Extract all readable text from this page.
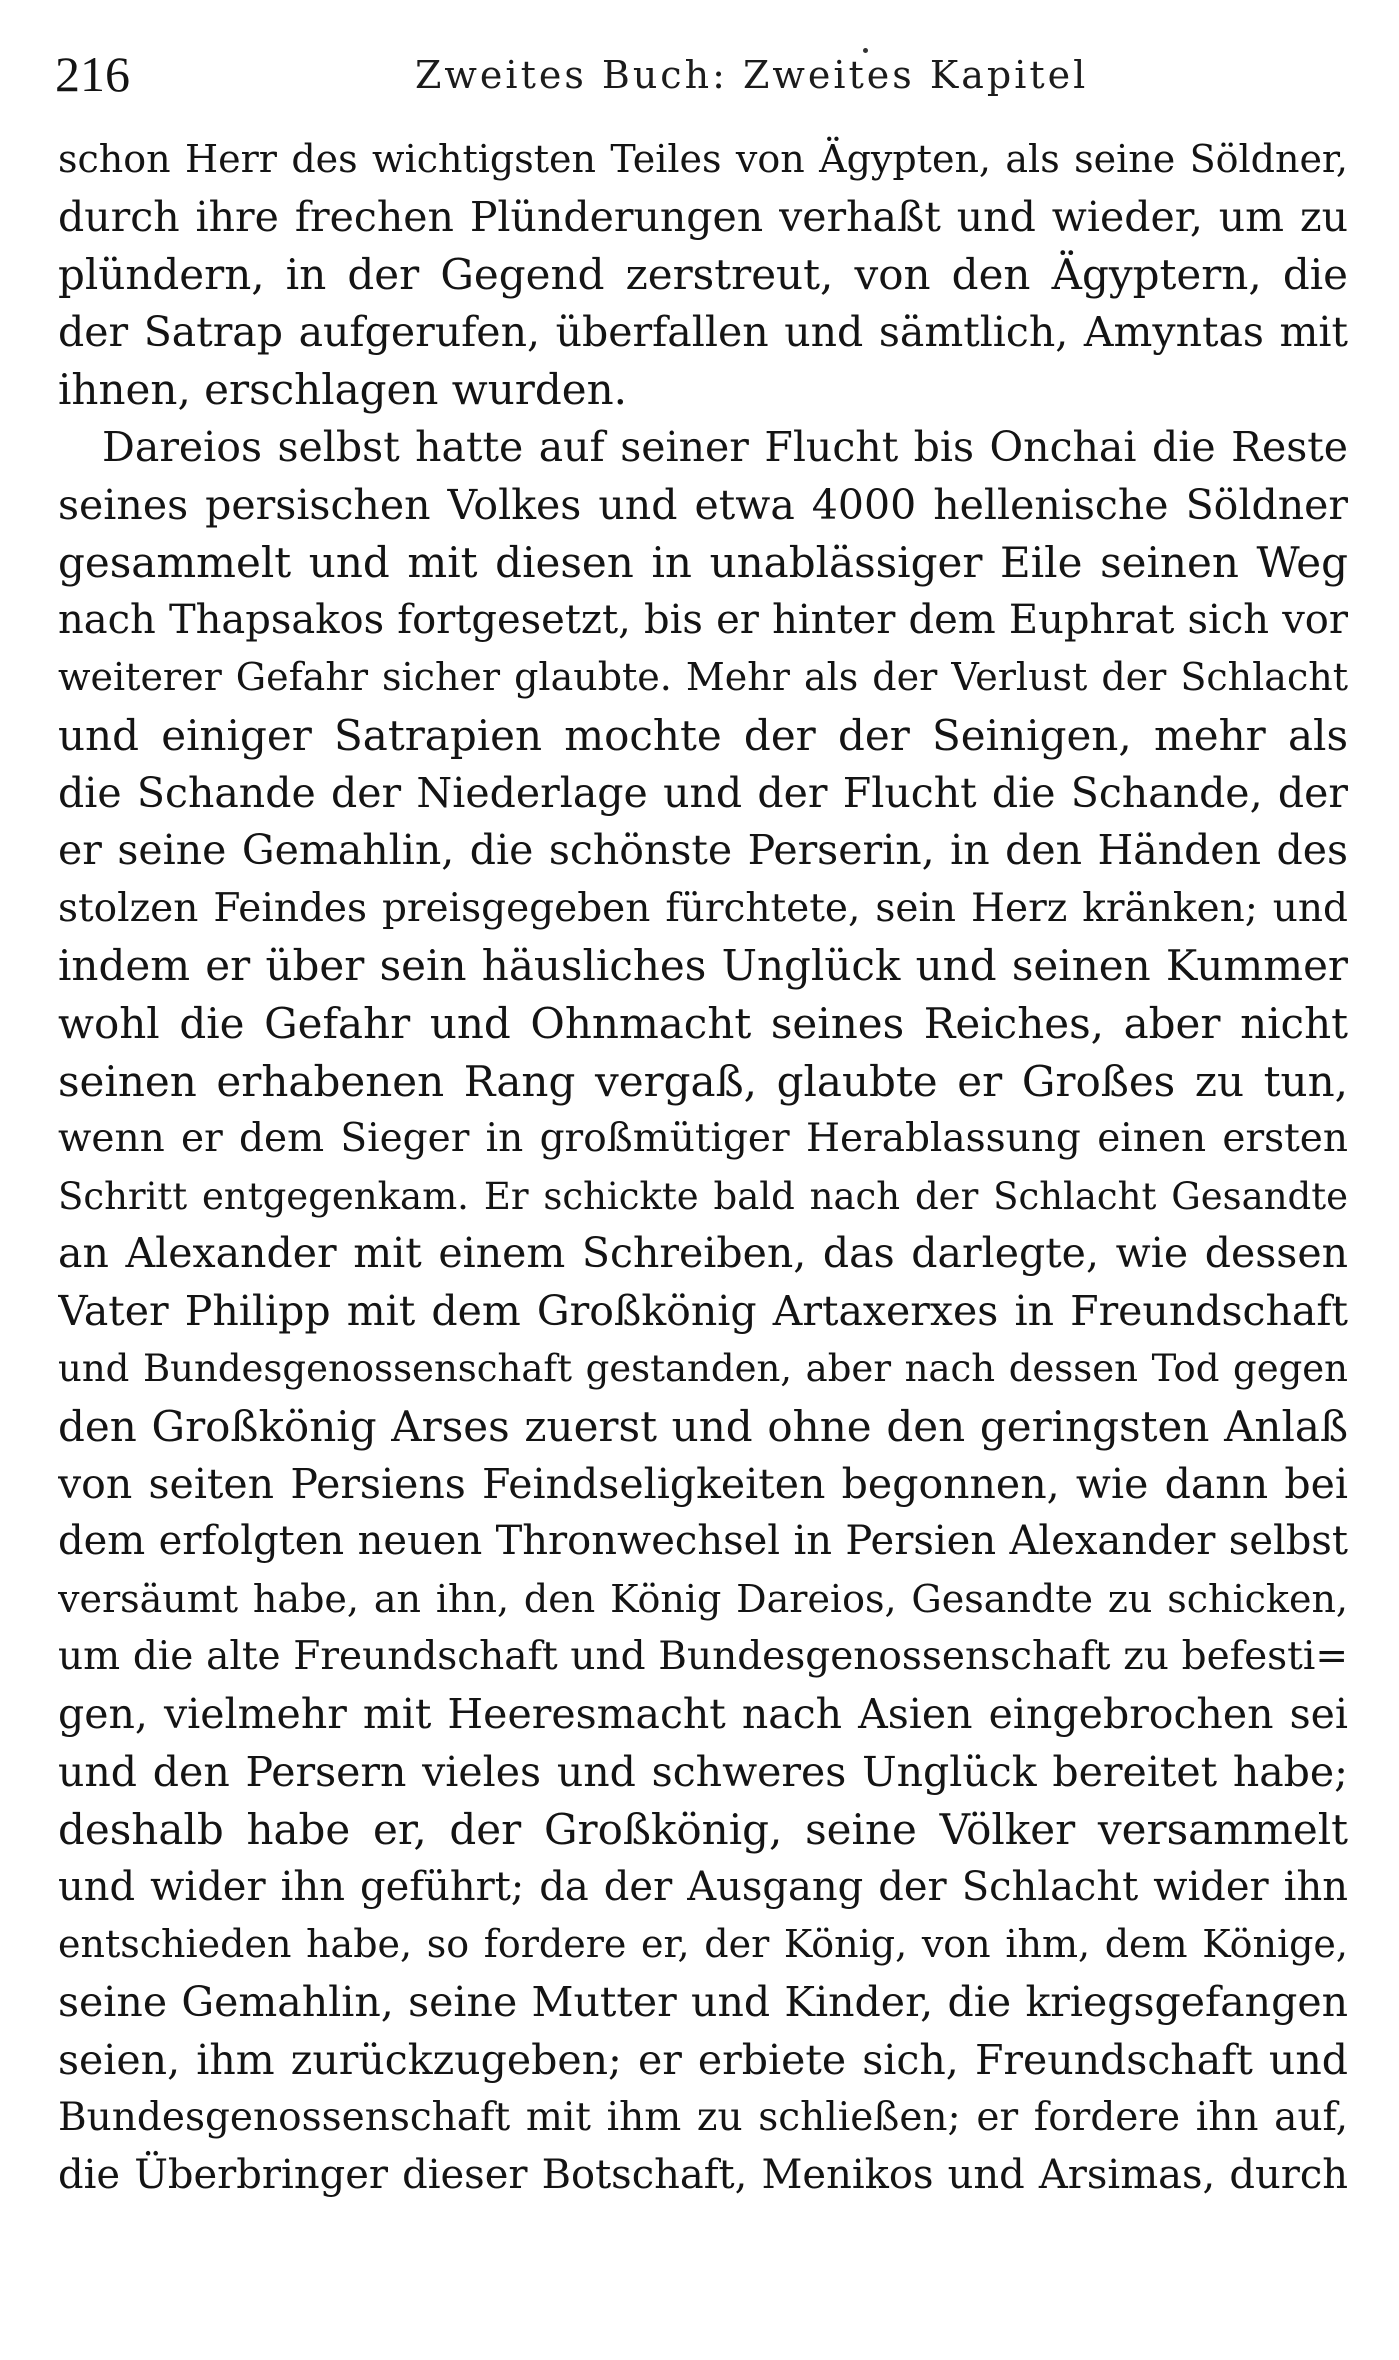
216	Zweites Buch: Zweites Kapitel
schon Herr des wichtigsten Teiles von Ägypten, als seine Söldner,
durch ihre frechen Plünderungen verhaßt und wieder, um zu
plündern, in der Gegend zerstreut, von den Ägyptern, die
der Satrap aufgerufen, überfallen und sämtlich, Amyntas mit
ihnen, erschlagen wurden.
Dareios selbst hatte auf seiner Flucht bis Onchai die Reste
seines persischen Volkes und etwa 4000 hellenische Söldner
gesammelt und mit diesen in unablässiger Eile seinen Weg
nach Thapsakos fortgesetzt, bis er hinter dem Euphrat sich vor
weiterer Gefahr sicher glaubte. Mehr als der Verlust der Schlacht
und einiger Satrapien mochte der der Seinigen, mehr als
die Schande der Niederlage und der Flucht die Schande, der
er seine Gemahlin, die schönste Perserin, in den Händen des
stolzen Feindes preisgegeben fürchtete, sein Herz kränken; und
indem er über sein häusliches Unglück und seinen Kummer
wohl die Gefahr und Ohnmacht seines Reiches, aber nicht
seinen erhabenen Rang vergaß, glaubte er Großes zu tun,
wenn er dem Sieger in großmütiger Herablassung einen ersten
Schritt entgegenkam. Er schickte bald nach der Schlacht Gesandte
an Alexander mit einem Schreiben, das darlegte, wie dessen
Vater Philipp mit dem Großkönig Artaxerxes in Freundschaft
und Bundesgenossenschaft gestanden, aber nach dessen Tod gegen
den Großkönig Arses zuerst und ohne den geringsten Anlaß
von seiten Persiens Feindseligkeiten begonnen, wie dann bei
dem erfolgten neuen Thronwechsel in Persien Alexander selbst
versäumt habe, an ihn, den König Dareios, Gesandte zu schicken,
um die alte Freundschaft und Bundesgenossenschaft zu befesti=
gen, vielmehr mit Heeresmacht nach Asien eingebrochen sei
und den Persern vieles und schweres Unglück bereitet habe;
deshalb habe er, der Großkönig, seine Völker versammelt
und wider ihn geführt; da der Ausgang der Schlacht wider ihn
entschieden habe, so fordere er, der König, von ihm, dem Könige,
seine Gemahlin, seine Mutter und Kinder, die kriegsgefangen
seien, ihm zurückzugeben; er erbiete sich, Freundschaft und
Bundesgenossenschaft mit ihm zu schließen; er fordere ihn auf,
die Überbringer dieser Botschaft, Menikos und Arsimas, durch
